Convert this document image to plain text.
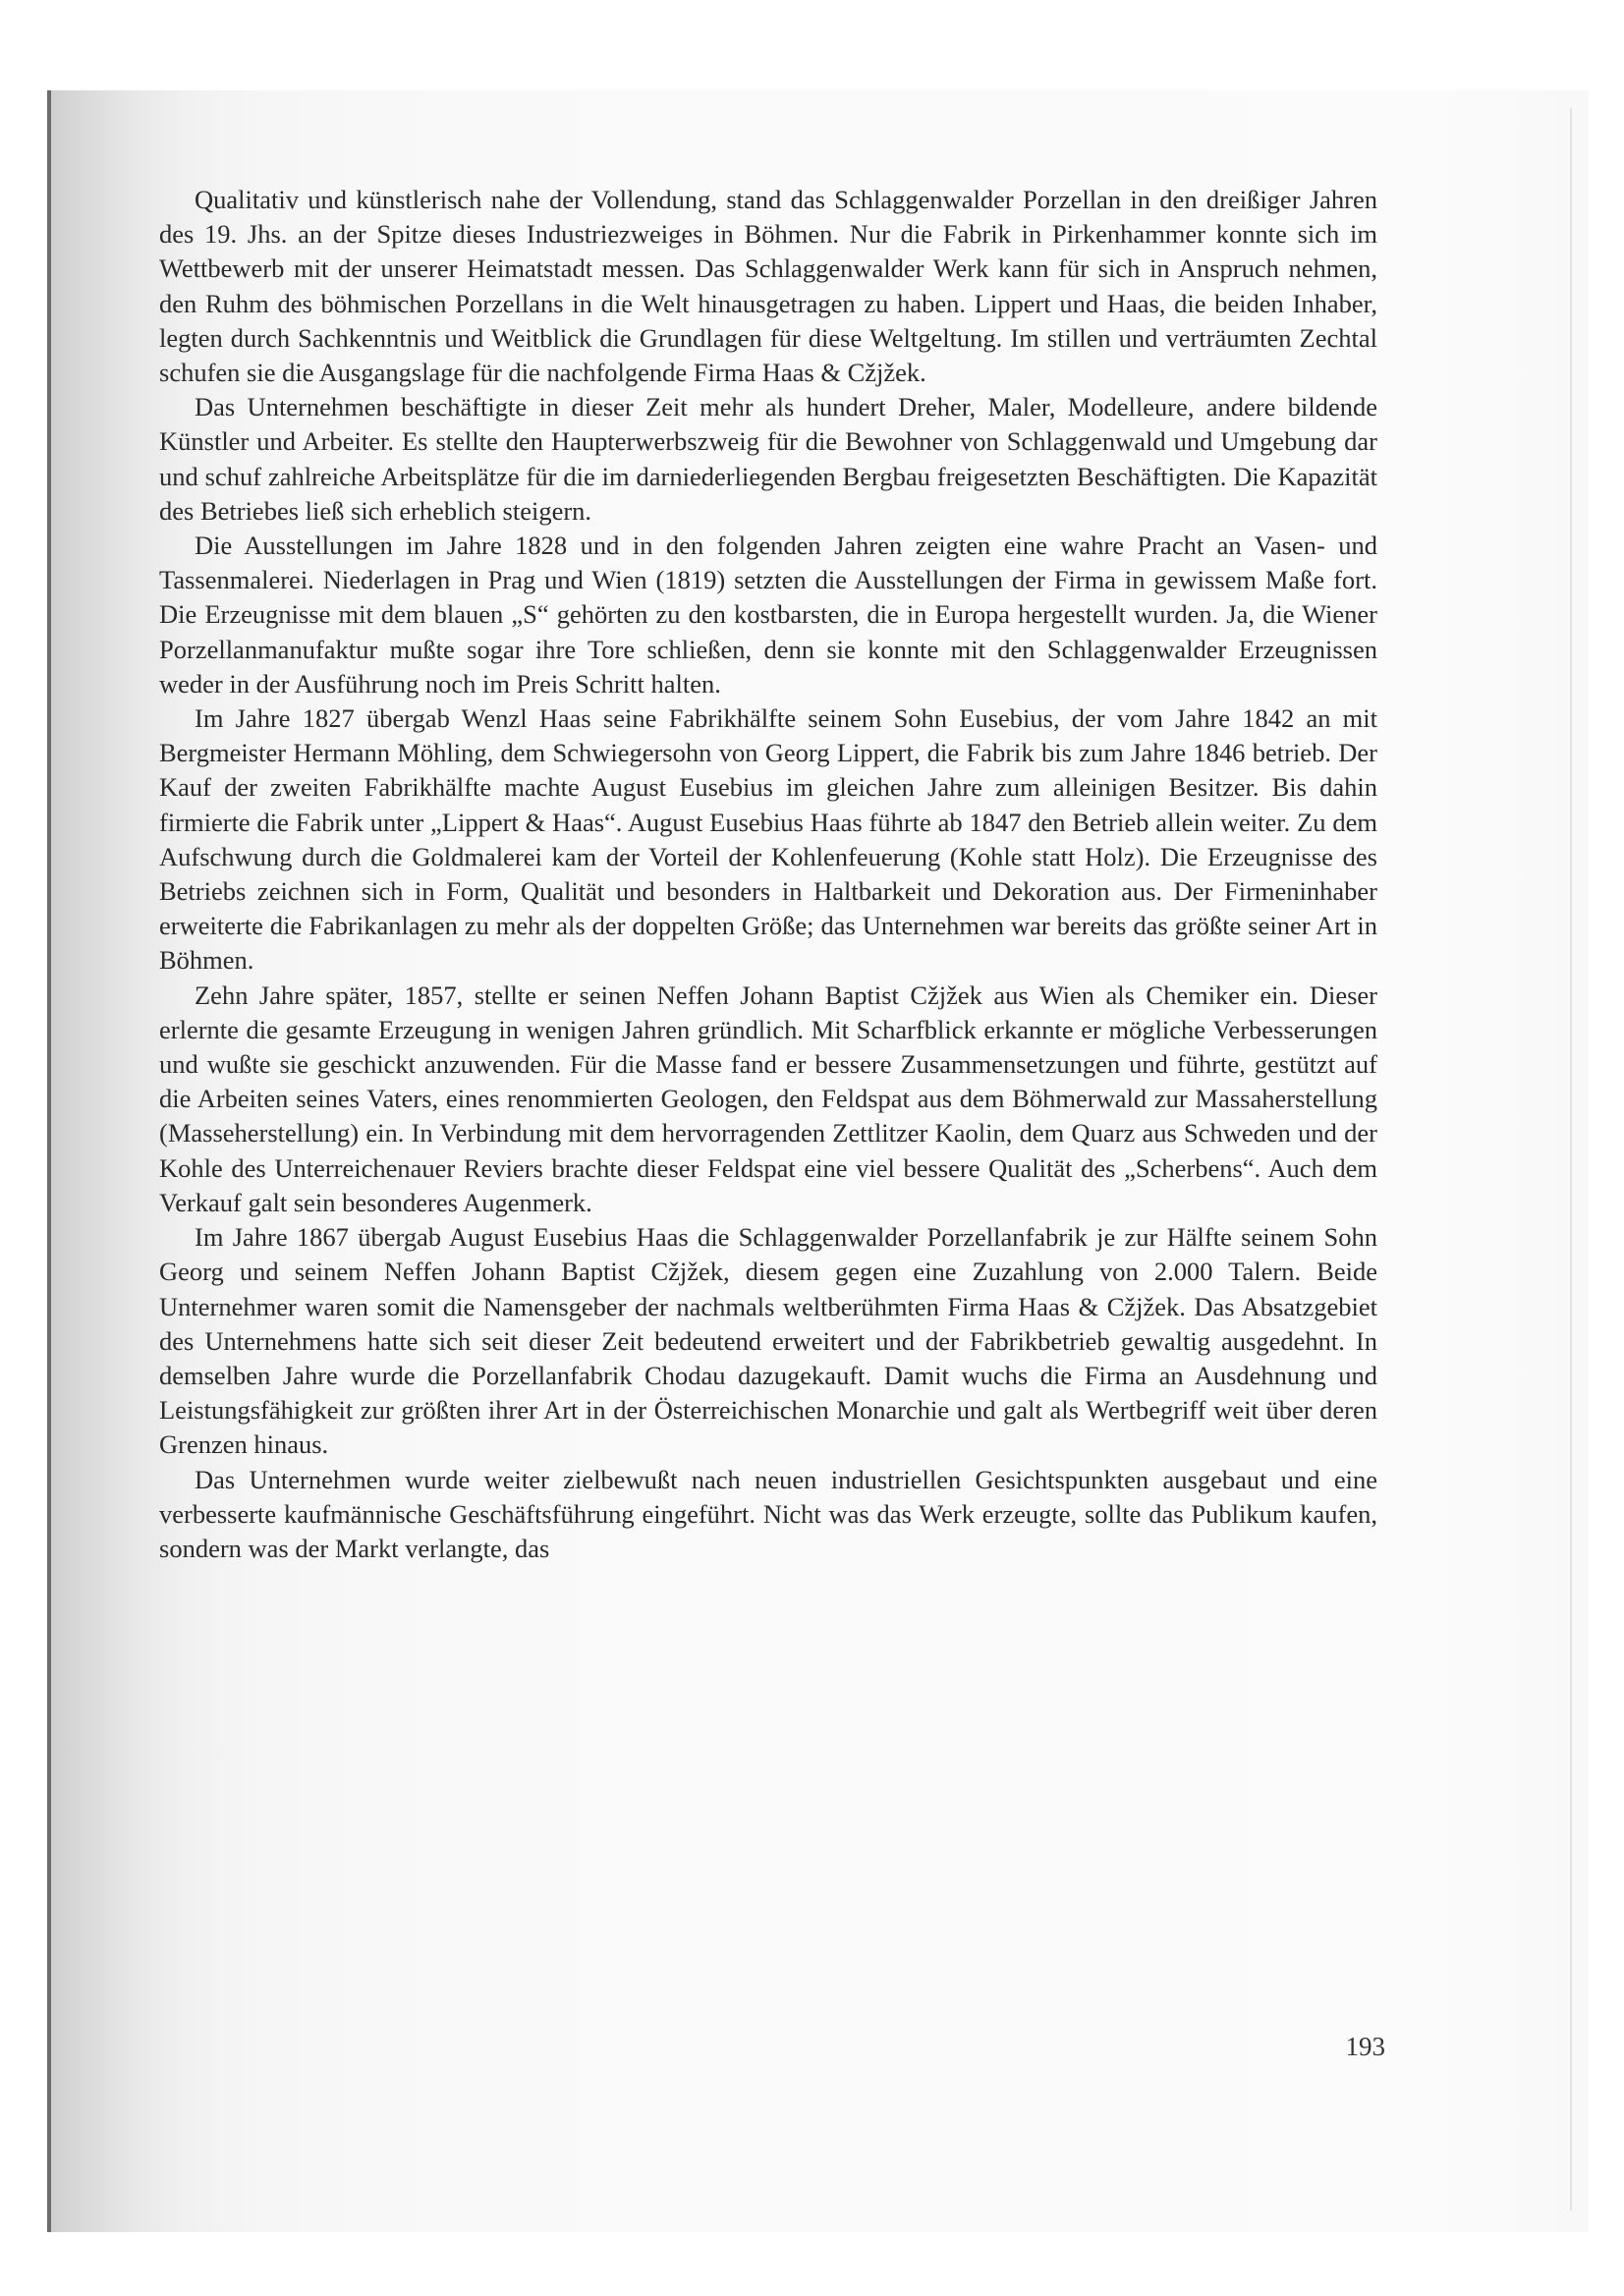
Qualitativ und künstlerisch nahe der Vollendung, stand das Schlaggenwalder Porzellan in den dreißiger Jahren des 19. Jhs. an der Spitze dieses Industriezweiges in Böhmen. Nur die Fabrik in Pirkenhammer konnte sich im Wettbewerb mit der unserer Heimatstadt messen. Das Schlaggenwalder Werk kann für sich in Anspruch nehmen, den Ruhm des böhmischen Porzellans in die Welt hinausgetragen zu haben. Lippert und Haas, die beiden Inhaber, legten durch Sachkenntnis und Weitblick die Grundlagen für diese Weltgeltung. Im stillen und verträumten Zechtal schufen sie die Ausgangslage für die nachfolgende Firma Haas & Cžjžek.

Das Unternehmen beschäftigte in dieser Zeit mehr als hundert Dreher, Maler, Modelleure, andere bildende Künstler und Arbeiter. Es stellte den Haupterwerbszweig für die Bewohner von Schlaggenwald und Umgebung dar und schuf zahlreiche Arbeitsplätze für die im darniederliegenden Bergbau freigesetzten Beschäftigten. Die Kapazität des Betriebes ließ sich erheblich steigern.

Die Ausstellungen im Jahre 1828 und in den folgenden Jahren zeigten eine wahre Pracht an Vasen- und Tassenmalerei. Niederlagen in Prag und Wien (1819) setzten die Ausstellungen der Firma in gewissem Maße fort. Die Erzeugnisse mit dem blauen „S“ gehörten zu den kostbarsten, die in Europa hergestellt wurden. Ja, die Wiener Porzellanmanufaktur mußte sogar ihre Tore schließen, denn sie konnte mit den Schlaggenwalder Erzeugnissen weder in der Ausführung noch im Preis Schritt halten.

Im Jahre 1827 übergab Wenzl Haas seine Fabrikhälfte seinem Sohn Eusebius, der vom Jahre 1842 an mit Bergmeister Hermann Möhling, dem Schwiegersohn von Georg Lippert, die Fabrik bis zum Jahre 1846 betrieb. Der Kauf der zweiten Fabrikhälfte machte August Eusebius im gleichen Jahre zum alleinigen Besitzer. Bis dahin firmierte die Fabrik unter „Lippert & Haas“. August Eusebius Haas führte ab 1847 den Betrieb allein weiter. Zu dem Aufschwung durch die Goldmalerei kam der Vorteil der Kohlenfeuerung (Kohle statt Holz). Die Erzeugnisse des Betriebs zeichnen sich in Form, Qualität und besonders in Haltbarkeit und Dekoration aus. Der Firmeninhaber erweiterte die Fabrikanlagen zu mehr als der doppelten Größe; das Unternehmen war bereits das größte seiner Art in Böhmen.

Zehn Jahre später, 1857, stellte er seinen Neffen Johann Baptist Cžjžek aus Wien als Chemiker ein. Dieser erlernte die gesamte Erzeugung in wenigen Jahren gründlich. Mit Scharfblick erkannte er mögliche Verbesserungen und wußte sie geschickt anzuwenden. Für die Masse fand er bessere Zusammensetzungen und führte, gestützt auf die Arbeiten seines Vaters, eines renommierten Geologen, den Feldspat aus dem Böhmerwald zur Massaherstellung (Masseherstellung) ein. In Verbindung mit dem hervorragenden Zettlitzer Kaolin, dem Quarz aus Schweden und der Kohle des Unterreichenauer Reviers brachte dieser Feldspat eine viel bessere Qualität des „Scherbens“. Auch dem Verkauf galt sein besonderes Augenmerk.

Im Jahre 1867 übergab August Eusebius Haas die Schlaggenwalder Porzellanfabrik je zur Hälfte seinem Sohn Georg und seinem Neffen Johann Baptist Cžjžek, diesem gegen eine Zuzahlung von 2.000 Talern. Beide Unternehmer waren somit die Namensgeber der nachmals weltberühmten Firma Haas & Cžjžek. Das Absatzgebiet des Unternehmens hatte sich seit dieser Zeit bedeutend erweitert und der Fabrikbetrieb gewaltig ausgedehnt. In demselben Jahre wurde die Porzellanfabrik Chodau dazugekauft. Damit wuchs die Firma an Ausdehnung und Leistungsfähigkeit zur größten ihrer Art in der Österreichischen Monarchie und galt als Wertbegriff weit über deren Grenzen hinaus.

Das Unternehmen wurde weiter zielbewußt nach neuen industriellen Gesichtspunkten ausgebaut und eine verbesserte kaufmännische Geschäftsführung eingeführt. Nicht was das Werk erzeugte, sollte das Publikum kaufen, sondern was der Markt verlangte, das

193
